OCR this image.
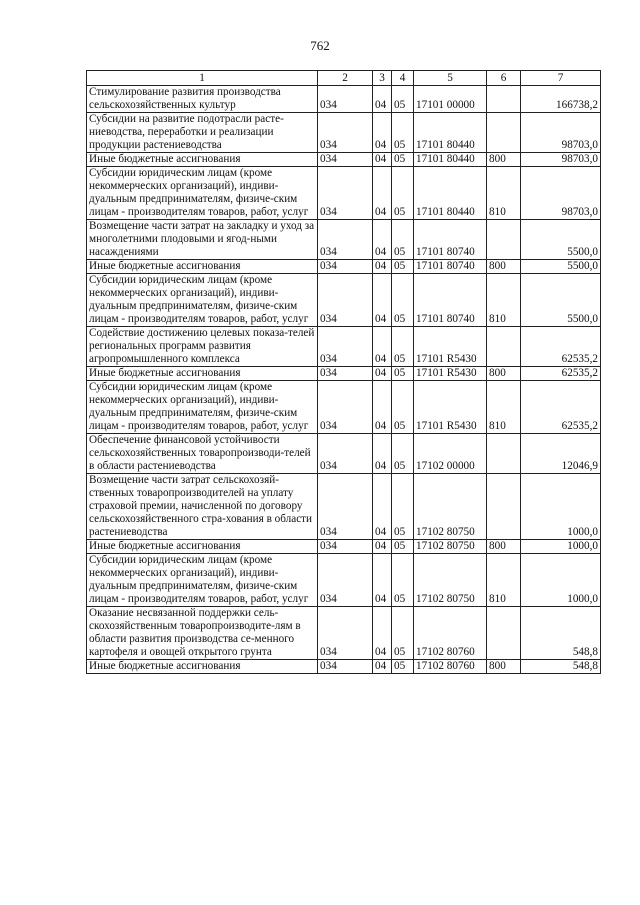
762
1	2	3	4	5	6	7
Стимулирование развития производства сельскохозяйственных культур	034	04	05	17101 00000		166738,2
Субсидии на развитие подотрасли расте-ниеводства, переработки и реализации продукции растениеводства	034	04	05	17101 80440		98703,0
Иные бюджетные ассигнования	034	04	05	17101 80440	800	98703,0
Субсидии юридическим лицам (кроме некоммерческих организаций), индиви-дуальным предпринимателям, физиче-ским лицам - производителям товаров, работ, услуг	034	04	05	17101 80440	810	98703,0
Возмещение части затрат на закладку и уход за многолетними плодовыми и ягод-ными насаждениями	034	04	05	17101 80740		5500,0
Иные бюджетные ассигнования	034	04	05	17101 80740	800	5500,0
Субсидии юридическим лицам (кроме некоммерческих организаций), индиви-дуальным предпринимателям, физиче-ским лицам - производителям товаров, работ, услуг	034	04	05	17101 80740	810	5500,0
Содействие достижению целевых показа-телей региональных программ развития агропромышленного комплекса	034	04	05	17101 R5430		62535,2
Иные бюджетные ассигнования	034	04	05	17101 R5430	800	62535,2
Субсидии юридическим лицам (кроме некоммерческих организаций), индиви-дуальным предпринимателям, физиче-ским лицам - производителям товаров, работ, услуг	034	04	05	17101 R5430	810	62535,2
Обеспечение финансовой устойчивости сельскохозяйственных товаропроизводи-телей в области растениеводства	034	04	05	17102 00000		12046,9
Возмещение части затрат сельскохозяй-ственных товаропроизводителей на уплату страховой премии, начисленной по договору сельскохозяйственного стра-хования в области растениеводства	034	04	05	17102 80750		1000,0
Иные бюджетные ассигнования	034	04	05	17102 80750	800	1000,0
Субсидии юридическим лицам (кроме некоммерческих организаций), индиви-дуальным предпринимателям, физиче-ским лицам - производителям товаров, работ, услуг	034	04	05	17102 80750	810	1000,0
Оказание несвязанной поддержки сель-скохозяйственным товаропроизводите-лям в области развития производства се-менного картофеля и овощей открытого грунта	034	04	05	17102 80760		548,8
Иные бюджетные ассигнования	034	04	05	17102 80760	800	548,8
